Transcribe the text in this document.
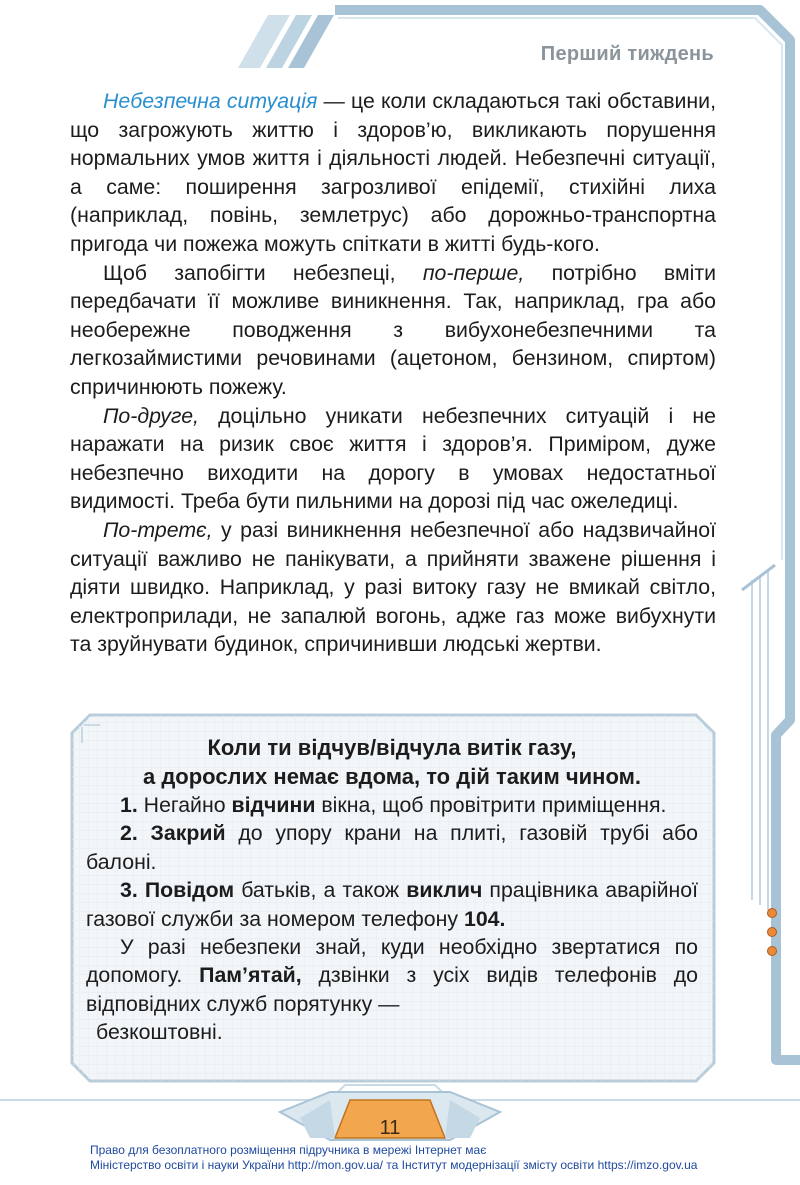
Перший тиждень

Небезпечна ситуація — це коли складаються такі обставини, що загрожують життю і здоров’ю, викликають порушення нормальних умов життя і діяльності людей. Небезпечні ситуації, а саме: поширення загрозливої епідемії, стихійні лиха (наприклад, повінь, землетрус) або дорожньо-транспортна пригода чи пожежа можуть спіткати в житті будь-кого.

Щоб запобігти небезпеці, по-перше, потрібно вміти передбачати її можливе виникнення. Так, наприклад, гра або необережне поводження з вибухонебезпечними та легкозаймистими речовинами (ацетоном, бензином, спиртом) спричинюють пожежу.

По-друге, доцільно уникати небезпечних ситуацій і не наражати на ризик своє життя і здоров’я. Приміром, дуже небезпечно виходити на дорогу в умовах недостатньої видимості. Треба бути пильними на дорозі під час ожеледиці.

По-третє, у разі виникнення небезпечної або надзвичайної ситуації важливо не панікувати, а прийняти зважене рішення і діяти швидко. Наприклад, у разі витоку газу не вмикай світло, електроприлади, не запалюй вогонь, адже газ може вибухнути та зруйнувати будинок, спричинивши людські жертви.

Коли ти відчув/відчула витік газу,
а дорослих немає вдома, то дій таким чином.

1. Негайно відчини вікна, щоб провітрити приміщення.

2. Закрий до упору крани на плиті, газовій трубі або балоні.

3. Повідом батьків, а також виклич працівника аварійної газової служби за номером телефону 104.

У разі небезпеки знай, куди необхідно звертатися по допомогу. Пам’ятай, дзвінки з усіх видів телефонів до відповідних служб порятунку —

безкоштовні.

11
Право для безоплатного розміщення підручника в мережі Інтернет має
Міністерство освіти і науки України http://mon.gov.ua/ та Інститут модернізації змісту освіти https://imzo.gov.ua
